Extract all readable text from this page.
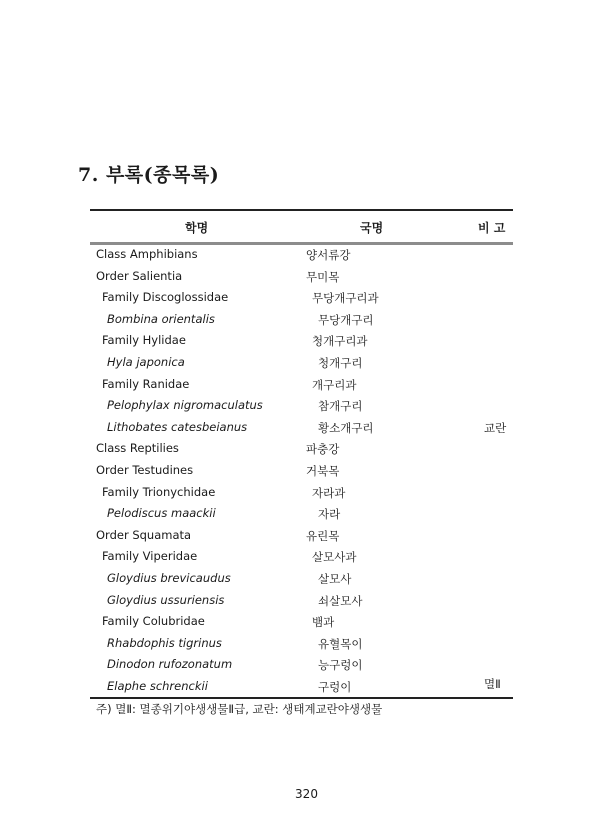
7. 부록(종목록)
학명	국명	비 고
Class Amphibians	양서류강
Order Salientia	무미목
Family Discoglossidae	무당개구리과
Bombina orientalis	무당개구리
Family Hylidae	청개구리과
Hyla japonica	청개구리
Family Ranidae	개구리과
Pelophylax nigromaculatus	참개구리
Lithobates catesbeianus	황소개구리	교란
Class Reptilies	파충강
Order Testudines	거북목
Family Trionychidae	자라과
Pelodiscus maackii	자라
Order Squamata	유린목
Family Viperidae	살모사과
Gloydius brevicaudus	살모사
Gloydius ussuriensis	쇠살모사
Family Colubridae	뱀과
Rhabdophis tigrinus	유혈목이
Dinodon rufozonatum	능구렁이
Elaphe schrenckii	구렁이	멸Ⅱ
주) 멸Ⅱ: 멸종위기야생생물Ⅱ급, 교란: 생태계교란야생생물
320
